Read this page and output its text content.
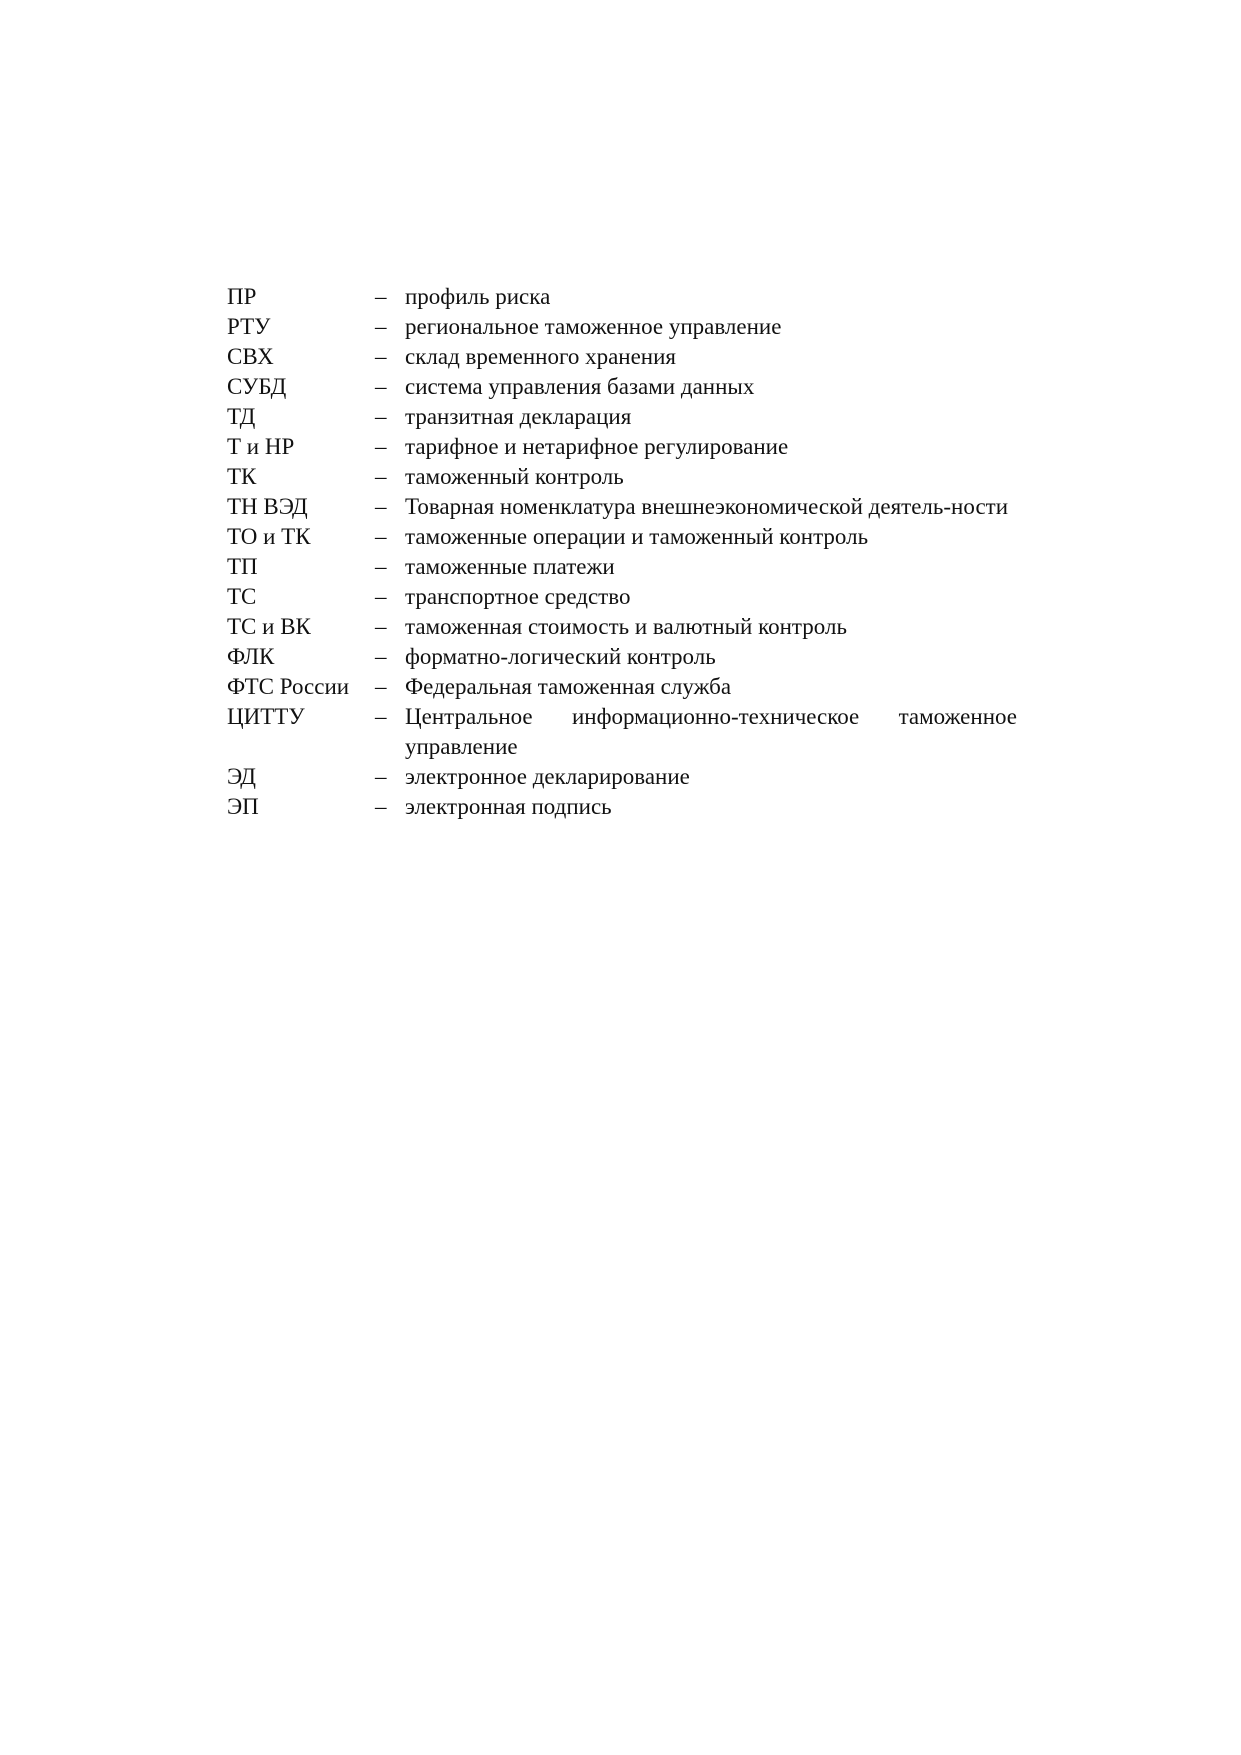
ПР	– профиль риска
РТУ	– региональное таможенное управление
СВХ	– склад временного хранения
СУБД	– система управления базами данных
ТД	– транзитная декларация
Т и НР	– тарифное и нетарифное регулирование
ТК	– таможенный контроль
ТН ВЭД	– Товарная номенклатура внешнеэкономической деятель-ности
ТО и ТК	– таможенные операции и таможенный контроль
ТП	– таможенные платежи
ТС	– транспортное средство
ТС и ВК	– таможенная стоимость и валютный контроль
ФЛК	– форматно-логический контроль
ФТС России	– Федеральная таможенная служба
ЦИТТУ	– Центральное информационно-техническое таможенное управление
ЭД	– электронное декларирование
ЭП	– электронная подпись
